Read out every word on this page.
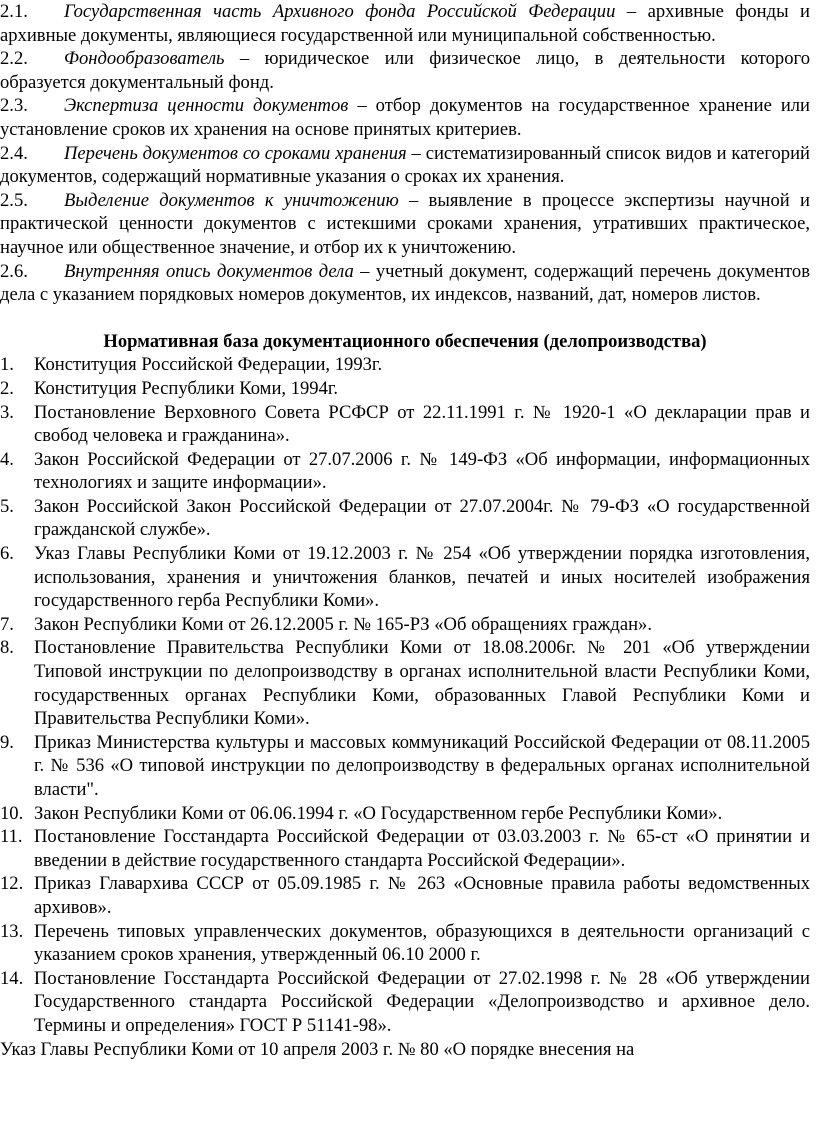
2.1. Государственная часть Архивного фонда Российской Федерации – архивные фонды и архивные документы, являющиеся государственной или муниципальной собственностью.

2.2. Фондообразователь – юридическое или физическое лицо, в деятельности которого образуется документальный фонд.

2.3. Экспертиза ценности документов – отбор документов на государственное хранение или установление сроков их хранения на основе принятых критериев.

2.4. Перечень документов со сроками хранения – систематизированный список видов и категорий документов, содержащий нормативные указания о сроках их хранения.

2.5. Выделение документов к уничтожению – выявление в процессе экспертизы научной и практической ценности документов с истекшими сроками хранения, утративших практическое, научное или общественное значение, и отбор их к уничтожению.

2.6. Внутренняя опись документов дела – учетный документ, содержащий перечень документов дела с указанием порядковых номеров документов, их индексов, названий, дат, номеров листов.

Нормативная база документационного обеспечения (делопроизводства)

1. Конституция Российской Федерации, 1993г.
2. Конституция Республики Коми, 1994г.
3. Постановление Верховного Совета РСФСР от 22.11.1991 г. № 1920-1 «О декларации прав и свобод человека и гражданина».
4. Закон Российской Федерации от 27.07.2006 г. № 149-ФЗ «Об информации, информационных технологиях и защите информации».
5. Закон Российской Закон Российской Федерации от 27.07.2004г. № 79-ФЗ «О государственной гражданской службе».
6. Указ Главы Республики Коми от 19.12.2003 г. № 254 «Об утверждении порядка изготовления, использования, хранения и уничтожения бланков, печатей и иных носителей изображения государственного герба Республики Коми».
7. Закон Республики Коми от 26.12.2005 г. № 165-РЗ «Об обращениях граждан».
8. Постановление Правительства Республики Коми от 18.08.2006г. № 201 «Об утверждении Типовой инструкции по делопроизводству в органах исполнительной власти Республики Коми, государственных органах Республики Коми, образованных Главой Республики Коми и Правительства Республики Коми».
9. Приказ Министерства культуры и массовых коммуникаций Российской Федерации от 08.11.2005 г. № 536 «О типовой инструкции по делопроизводству в федеральных органах исполнительной власти".
10. Закон Республики Коми от 06.06.1994 г. «О Государственном гербе Республики Коми».
11. Постановление Госстандарта Российской Федерации от 03.03.2003 г. № 65-ст «О принятии и введении в действие государственного стандарта Российской Федерации».
12. Приказ Главархива СССР от 05.09.1985 г. № 263 «Основные правила работы ведомственных архивов».
13. Перечень типовых управленческих документов, образующихся в деятельности организаций с указанием сроков хранения, утвержденный 06.10 2000 г.
14. Постановление Госстандарта Российской Федерации от 27.02.1998 г. № 28 «Об утверждении Государственного стандарта Российской Федерации «Делопроизводство и архивное дело. Термины и определения» ГОСТ Р 51141-98».

Указ Главы Республики Коми от 10 апреля 2003 г. № 80 «О порядке внесения на
